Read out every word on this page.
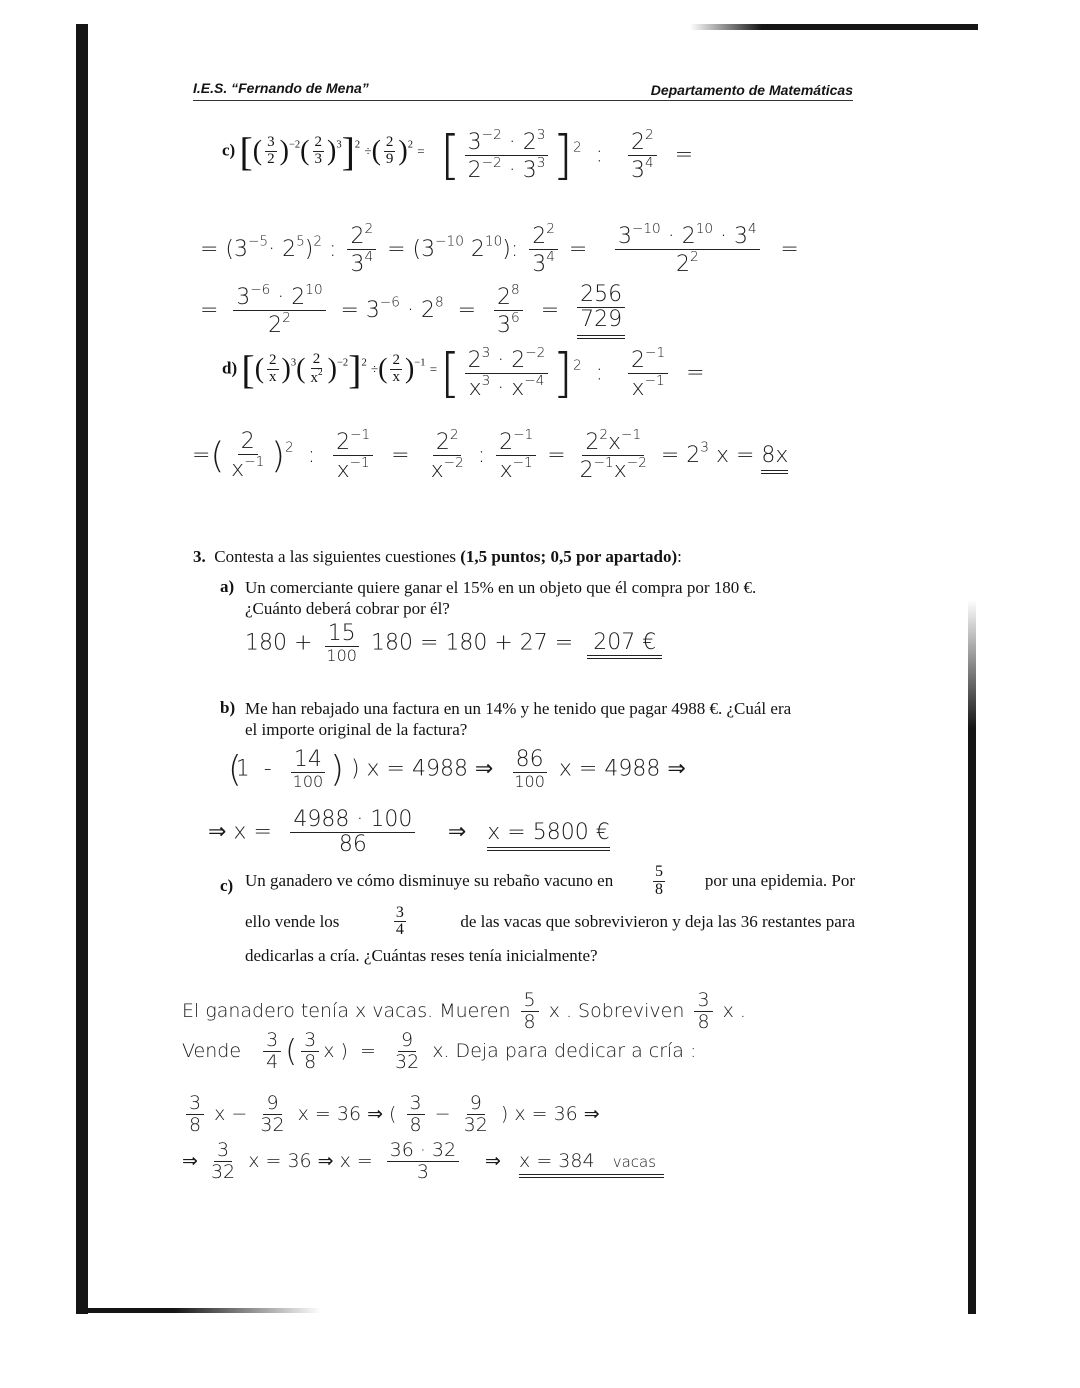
I.E.S. “Fernando de Mena”	Departamento de Matemáticas
c) [( $\frac{3}{2} )^{-2}( \frac{2}{3} )^3]^2$ ÷( $\frac{2}{9} )^2$ = [ $\frac{3^{-2} \cdot 2^3}{2^{-2} \cdot 3^3} ]^2$ : $\frac{2^2}{3^4}$ =
= $(3^{-5}\cdot 2^5)^2$ : $\frac{2^2}{3^4} = (3^{-10}$ $2^{10}$): $\frac{2^2}{3^4} = \frac{3^{-10} \cdot 2^{10} \cdot 3^4}{2^2}$ =
= $\frac{3^{-6} \cdot 2^{10}}{2^2} = 3^{-6} \cdot 2^8 = \frac{2^8}{3^6} = \frac{256}{729}$
d) [( $\frac{2}{x} )^3( \frac{2}{x^2} )^{-2}]^2$ ÷( $\frac{2}{x} )^{-1}$ = [ $\frac{2^3 \cdot 2^{-2}}{x^3 \cdot x^{-4}} ]^2$ : $\frac{2^{-1}}{x^{-1}}$ =
=( $\frac{2}{x^{-1}} )^2$  : $\frac{2^{-1}}{x^{-1}} = \frac{2^2}{x^{-2}}$ : $\frac{2^{-1}}{x^{-1}} = \frac{2^2x^{-1}}{2^{-1}x^{-2}} = 2^3$ x = 8x
3. Contesta a las siguientes cuestiones (1,5 puntos; 0,5 por apartado):
a) Un comerciante quiere ganar el 15% en un objeto que él compra por 180 €.
¿Cuánto deberá cobrar por él?
$180 + \frac{15}{100} 180 = 180 + 27 = 207$ €
b) Me han rebajado una factura en un 14% y he tenido que pagar 4988 €. ¿Cuál era
el importe original de la factura?
($1 - \frac{14}{100}$ ) ) x = 4988 ⇒ $\frac{86}{100}$ x = 4988 ⇒
⇒ $x = \frac{4988 \cdot 100}{86}$ ⇒ x = 5800 €
c) Un ganadero ve cómo disminuye su rebaño vacuno en	5
8 por una epidemia. Por
ello vende los	3
4	de las vacas que sobrevivieron y deja las 36 restantes para
dedicarlas a cría. ¿Cuántas reses tenía inicialmente?
El ganadero tenía x vacas. Mueren $\frac{5}{8}$ x . Sobreviven $\frac{3}{8}$ x .
Vende $\frac{3}{4}$ ( $\frac{3}{8}$ x ) = $\frac{9}{32} x$. Deja para dedicar a cría :
$\frac{3}{8}$ $x - \frac{9}{32}$ x = 36 ⇒ ( $\frac{3}{8} - \frac{9}{32}$ ) x = 36 ⇒
⇒ $\frac{3}{32}$ x = 36 ⇒ $x = \frac{36 \cdot 32}{3}$ ⇒ x = 384 vacas
